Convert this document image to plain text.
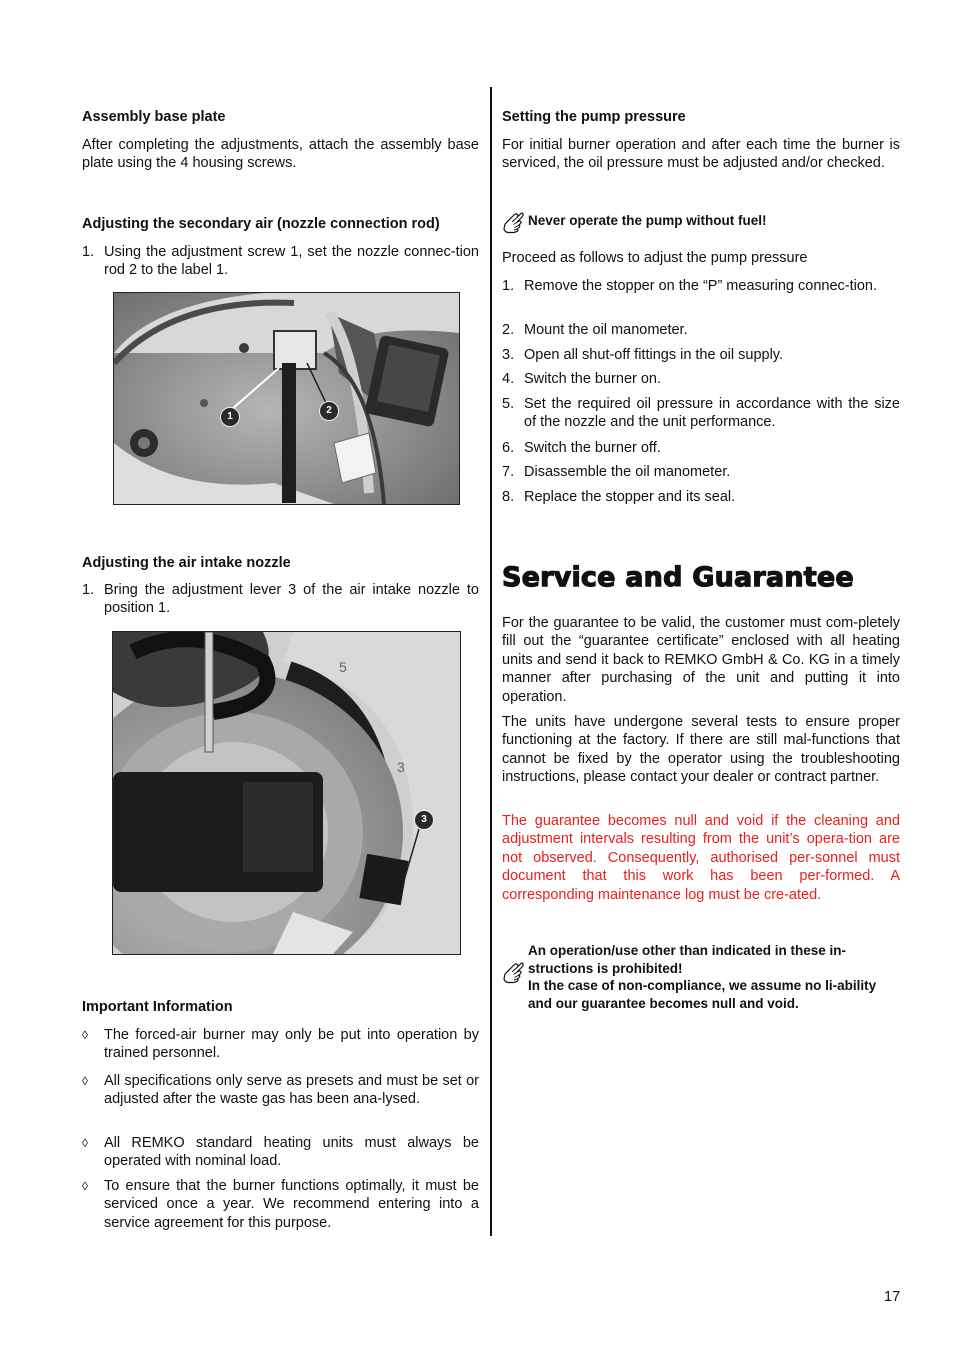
Assembly base plate

After completing the adjustments, attach the assembly base plate using the 4 housing screws.

Adjusting the secondary air (nozzle connection rod)
1. Using the adjustment screw 1, set the nozzle connec-tion rod 2 to the label 1.
1
2
Adjusting the air intake nozzle
1. Bring the adjustment lever 3 of the air intake nozzle to position 1.
5
3
3
Important Information
◊ The forced-air burner may only be put into operation by trained personnel.
◊ All specifications only serve as presets and must be set or adjusted after the waste gas has been ana-lysed.
◊ All REMKO standard heating units must always be operated with nominal load.
◊ To ensure that the burner functions optimally, it must be serviced once a year. We recommend entering into a service agreement for this purpose.
Setting the pump pressure

For initial burner operation and after each time the burner is serviced, the oil pressure must be adjusted and/or checked.

Never operate the pump without fuel!

Proceed as follows to adjust the pump pressure

1. Remove the stopper on the “P” measuring connec-tion.
2. Mount the oil manometer.
3. Open all shut-off fittings in the oil supply.
4. Switch the burner on.
5. Set the required oil pressure in accordance with the size of the nozzle and the unit performance.
6. Switch the burner off.
7. Disassemble the oil manometer.
8. Replace the stopper and its seal.
Service and Guarantee

For the guarantee to be valid, the customer must com-pletely fill out the “guarantee certificate” enclosed with all heating units and send it back to REMKO GmbH & Co. KG in a timely manner after purchasing of the unit and putting it into operation.

The units have undergone several tests to ensure proper functioning at the factory. If there are still mal-functions that cannot be fixed by the operator using the troubleshooting instructions, please contact your dealer or contract partner.

The guarantee becomes null and void if the cleaning and adjustment intervals resulting from the unit’s opera-tion are not observed. Consequently, authorised per-sonnel must document that this work has been per-formed. A corresponding maintenance log must be cre-ated.

An operation/use other than indicated in these in-structions is prohibited!
In the case of non-compliance, we assume no li-ability and our guarantee becomes null and void.
17
